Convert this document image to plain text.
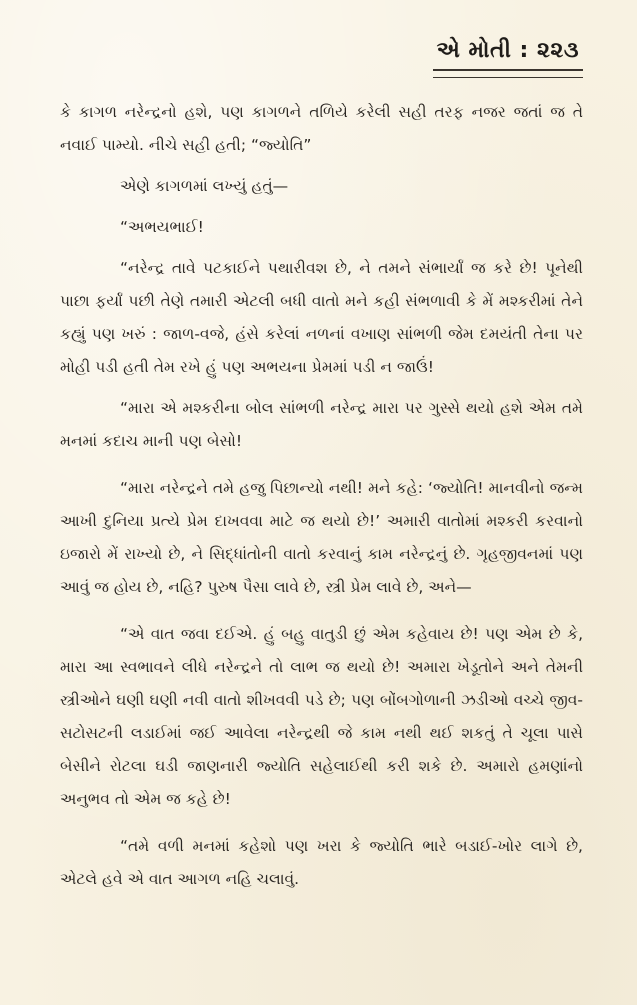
એ મોતી : ૨૨૩

કે કાગળ નરેન્દ્રનો હશે, પણ કાગળને તળિયે કરેલી સહી તરફ નજર જતાં જ તે નવાઈ પામ્યો. નીચે સહી હતી; “જ્યોતિ”

એણે કાગળમાં લખ્યું હતું—

“અભયભાઈ!

“નરેન્દ્ર તાવે પટકાઈને પથારીવશ છે, ને તમને સંભાર્યાં જ કરે છે! પૂનેથી પાછા ફર્યાં પછી તેણે તમારી એટલી બધી વાતો મને કહી સંભળાવી કે મેં મશ્કરીમાં તેને કહ્યું પણ ખરું : જાળ-વજે, હંસે કરેલાં નળનાં વખાણ સાંભળી જેમ દમયંતી તેના પર મોહી પડી હતી તેમ રખે હું પણ અભયના પ્રેમમાં પડી ન જાઉં!

“મારા એ મશ્કરીના બોલ સાંભળી નરેન્દ્ર મારા પર ગુસ્સે થયો હશે એમ તમે મનમાં કદાચ માની પણ બેસો!

“મારા નરેન્દ્રને તમે હજુ પિછાન્યો નથી! મને કહે: ‘જ્યોતિ! માનવીનો જન્મ આખી દુનિયા પ્રત્યે પ્રેમ દાખવવા માટે જ થયો છે!’ અમારી વાતોમાં મશ્કરી કરવાનો ઇજારો મેં રાખ્યો છે, ને સિદ્ધાંતોની વાતો કરવાનું કામ નરેન્દ્રનું છે. ગૃહજીવનમાં પણ આવું જ હોય છે, નહિ? પુરુષ પૈસા લાવે છે, સ્ત્રી પ્રેમ લાવે છે, અને—

“એ વાત જવા દઈએ. હું બહુ વાતુડી છું એમ કહેવાય છે! પણ એમ છે કે, મારા આ સ્વભાવને લીધે નરેન્દ્રને તો લાભ જ થયો છે! અમારા ખેડૂતોને અને તેમની સ્ત્રીઓને ઘણી ઘણી નવી વાતો શીખવવી પડે છે; પણ બોંબગોળાની ઝડીઓ વચ્ચે જીવ-સટોસટની લડાઈમાં જઈ આવેલા નરેન્દ્રથી જે કામ નથી થઈ શકતું તે ચૂલા પાસે બેસીને રોટલા ઘડી જાણનારી જ્યોતિ સહેલાઈથી કરી શકે છે. અમારો હમણાંનો અનુભવ તો એમ જ કહે છે!

“તમે વળી મનમાં કહેશો પણ ખરા કે જ્યોતિ ભારે બડાઈ-ખોર લાગે છે, એટલે હવે એ વાત આગળ નહિ ચલાવું.
